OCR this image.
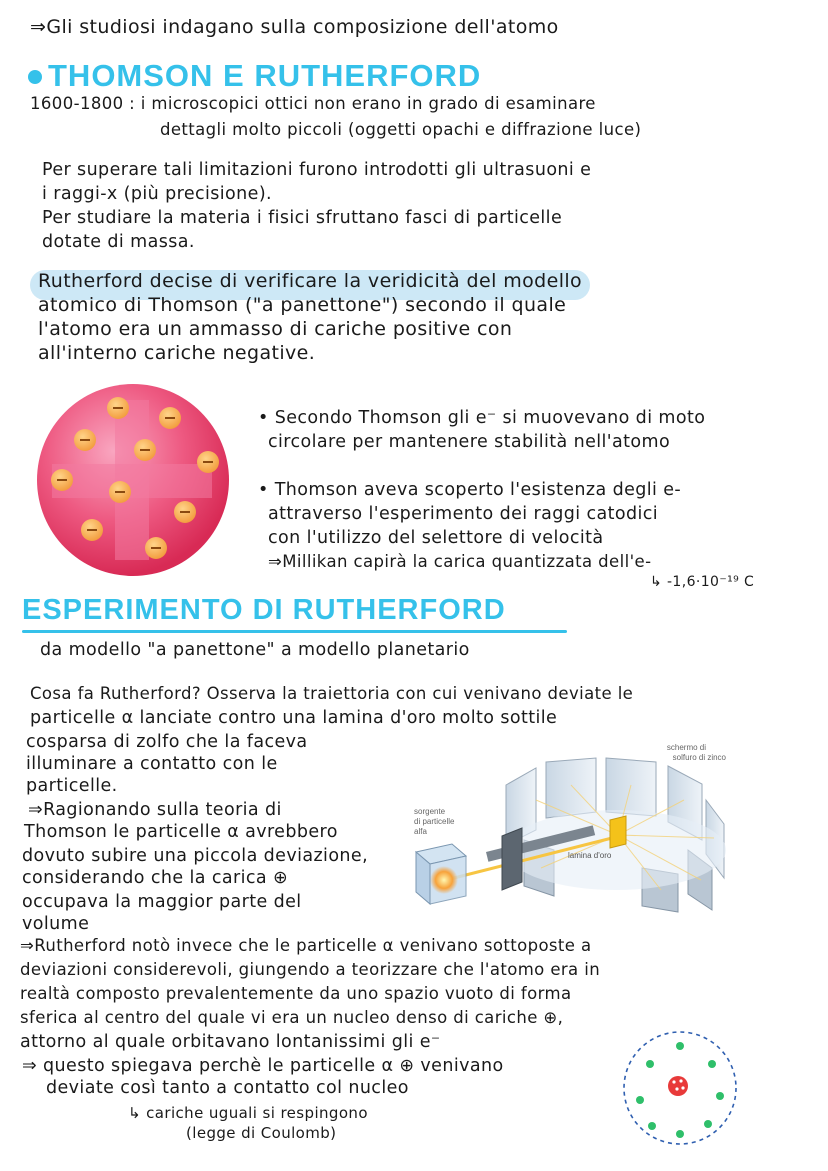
⇒Gli studiosi indagano sulla composizione dell'atomo
THOMSON E RUTHERFORD
1600-1800 : i microscopici ottici non erano in grado di esaminare
dettagli molto piccoli (oggetti opachi e diffrazione luce)
Per superare tali limitazioni furono introdotti gli ultrasuoni e
i raggi-x (più precisione).
Per studiare la materia i fisici sfruttano fasci di particelle
dotate di massa.
Rutherford decise di verificare la veridicità del modello
atomico di Thomson ("a panettone") secondo il quale
l'atomo era un ammasso di cariche positive con
all'interno cariche negative.
• Secondo Thomson gli e⁻ si muovevano di moto
circolare per mantenere stabilità nell'atomo
• Thomson aveva scoperto l'esistenza degli e-
attraverso l'esperimento dei raggi catodici
con l'utilizzo del selettore di velocità
⇒Millikan capirà la carica quantizzata dell'e-
↳ -1,6·10⁻¹⁹ C
ESPERIMENTO DI RUTHERFORD
da modello "a panettone" a modello planetario
Cosa fa Rutherford? Osserva la traiettoria con cui venivano deviate le
particelle α lanciate contro una lamina d'oro molto sottile
cosparsa di zolfo che la faceva
illuminare a contatto con le
particelle.
⇒Ragionando sulla teoria di
Thomson le particelle α avrebbero
dovuto subire una piccola deviazione,
considerando che la carica ⊕
occupava la maggior parte del
volume
⇒Rutherford notò invece che le particelle α venivano sottoposte a
deviazioni considerevoli, giungendo a teorizzare che l'atomo era in
realtà composto prevalentemente da uno spazio vuoto di forma
sferica al centro del quale vi era un nucleo denso di cariche ⊕,
attorno al quale orbitavano lontanissimi gli e⁻
⇒ questo spiegava perchè le particelle α ⊕ venivano
deviate così tanto a contatto col nucleo
↳ cariche uguali si respingono
(legge di Coulomb)
schermo di
solfuro di zinco
sorgente
di particelle
alfa
lamina d'oro
